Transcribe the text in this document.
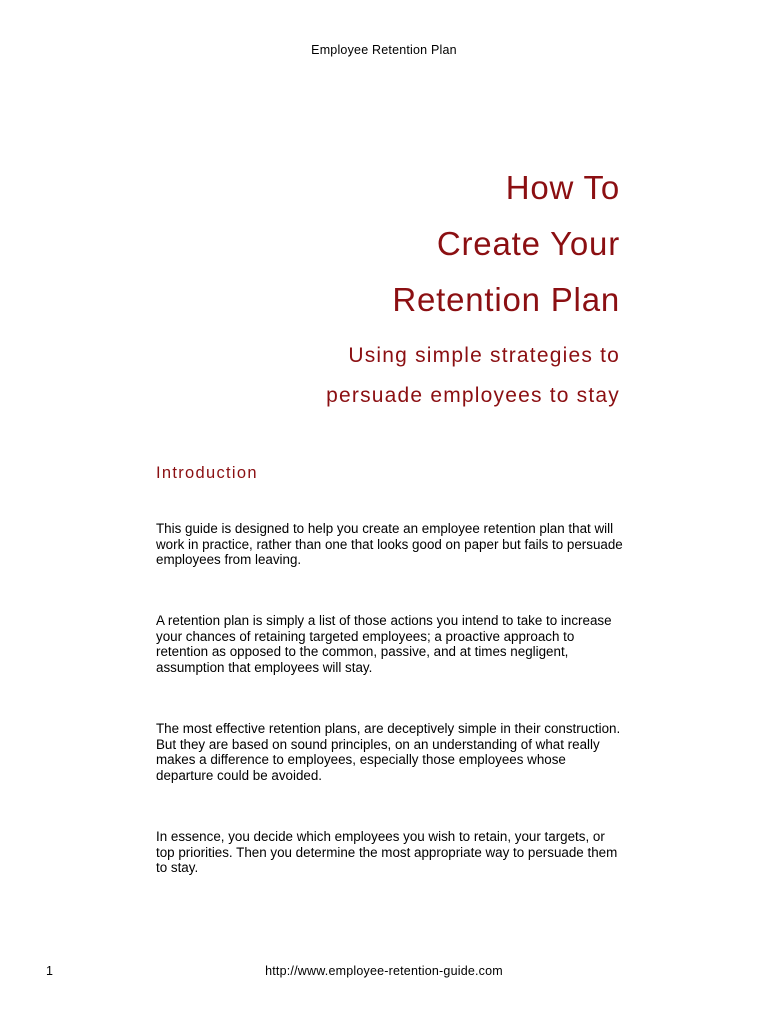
Employee Retention Plan
How To
Create Your
Retention Plan
Using simple strategies to
persuade employees to stay
Introduction

This guide is designed to help you create an employee retention plan that will work in practice, rather than one that looks good on paper but fails to persuade employees from leaving.

A retention plan is simply a list of those actions you intend to take to increase your chances of retaining targeted employees; a proactive approach to retention as opposed to the common, passive, and at times negligent, assumption that employees will stay.

The most effective retention plans, are deceptively simple in their construction. But they are based on sound principles, on an understanding of what really makes a difference to employees, especially those employees whose departure could be avoided.

In essence, you decide which employees you wish to retain, your targets, or top priorities. Then you determine the most appropriate way to persuade them to stay.

1	http://www.employee-retention-guide.com
